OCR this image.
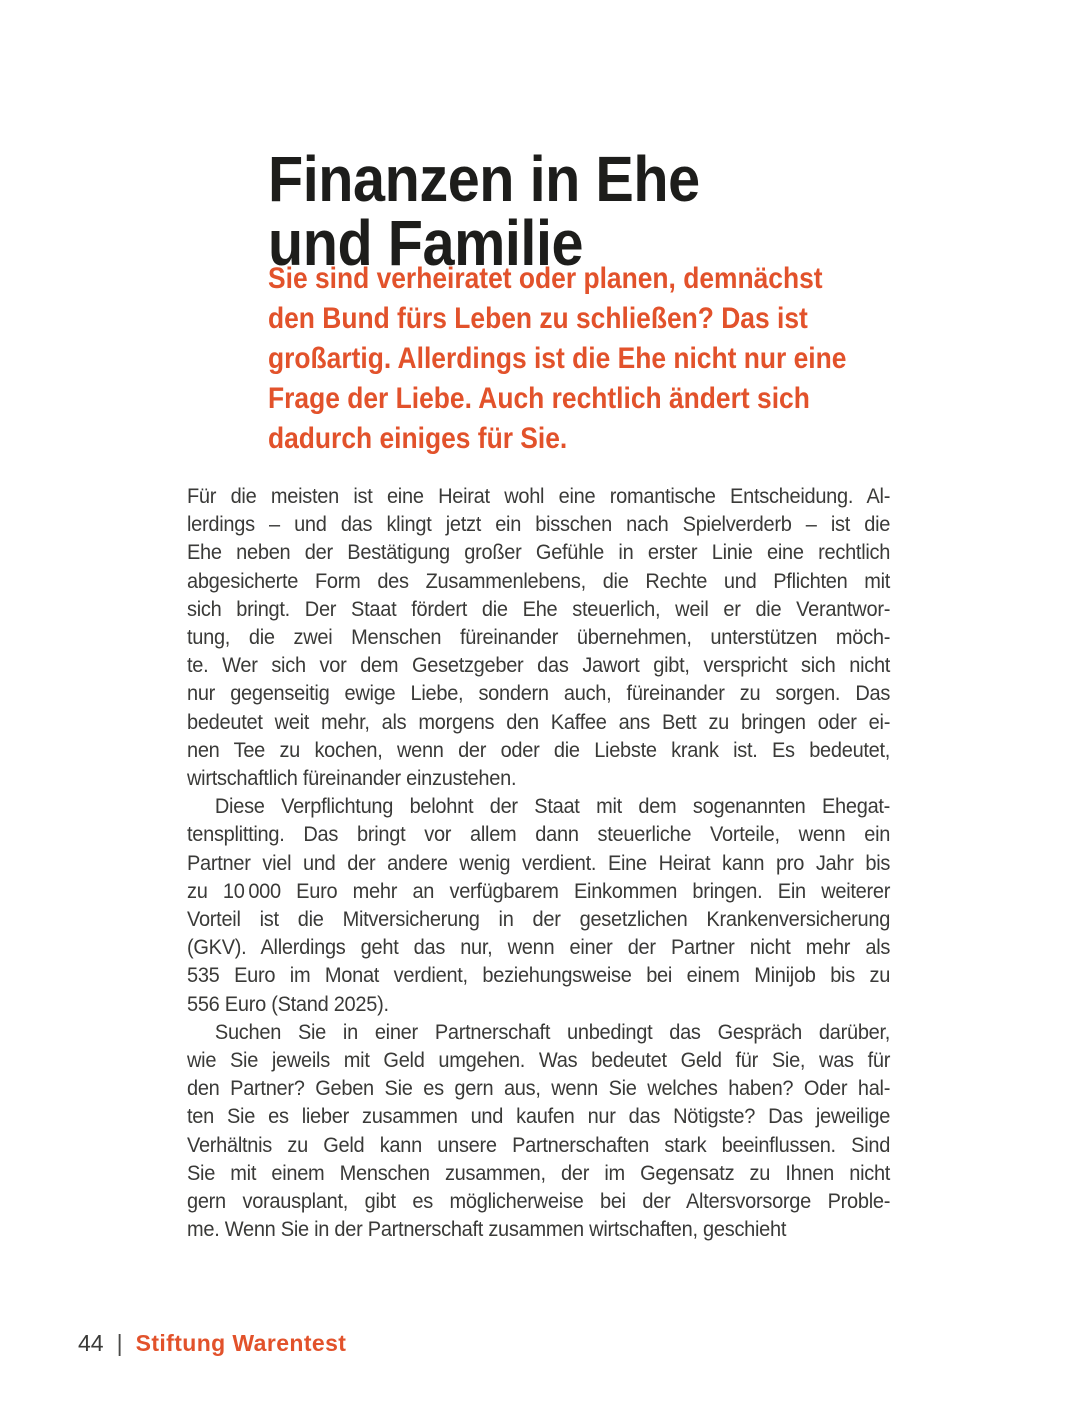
Finanzen in Ehe
und Familie
Sie sind verheiratet oder planen, demnächst
den Bund fürs Leben zu schließen? Das ist
großartig. Allerdings ist die Ehe nicht nur eine
Frage der Liebe. Auch rechtlich ändert sich
dadurch einiges für Sie.
Für die meisten ist eine Heirat wohl eine romantische Entscheidung. Al-
lerdings – und das klingt jetzt ein bisschen nach Spielverderb – ist die
Ehe neben der Bestätigung großer Gefühle in erster Linie eine rechtlich
abgesicherte Form des Zusammenlebens, die Rechte und Pflichten mit
sich bringt. Der Staat fördert die Ehe steuerlich, weil er die Verantwor-
tung, die zwei Menschen füreinander übernehmen, unterstützen möch-
te. Wer sich vor dem Gesetzgeber das Jawort gibt, verspricht sich nicht
nur gegenseitig ewige Liebe, sondern auch, füreinander zu sorgen. Das
bedeutet weit mehr, als morgens den Kaffee ans Bett zu bringen oder ei-
nen Tee zu kochen, wenn der oder die Liebste krank ist. Es bedeutet,
wirtschaftlich füreinander einzustehen.
Diese Verpflichtung belohnt der Staat mit dem sogenannten Ehegat-
tensplitting. Das bringt vor allem dann steuerliche Vorteile, wenn ein
Partner viel und der andere wenig verdient. Eine Heirat kann pro Jahr bis
zu 10 000 Euro mehr an verfügbarem Einkommen bringen. Ein weiterer
Vorteil ist die Mitversicherung in der gesetzlichen Krankenversicherung
(GKV). Allerdings geht das nur, wenn einer der Partner nicht mehr als
535 Euro im Monat verdient, beziehungsweise bei einem Minijob bis zu
556 Euro (Stand 2025).
Suchen Sie in einer Partnerschaft unbedingt das Gespräch darüber,
wie Sie jeweils mit Geld umgehen. Was bedeutet Geld für Sie, was für
den Partner? Geben Sie es gern aus, wenn Sie welches haben? Oder hal-
ten Sie es lieber zusammen und kaufen nur das Nötigste? Das jeweilige
Verhältnis zu Geld kann unsere Partnerschaften stark beeinflussen. Sind
Sie mit einem Menschen zusammen, der im Gegensatz zu Ihnen nicht
gern vorausplant, gibt es möglicherweise bei der Altersvorsorge Proble-
me. Wenn Sie in der Partnerschaft zusammen wirtschaften, geschieht
44 | Stiftung Warentest
